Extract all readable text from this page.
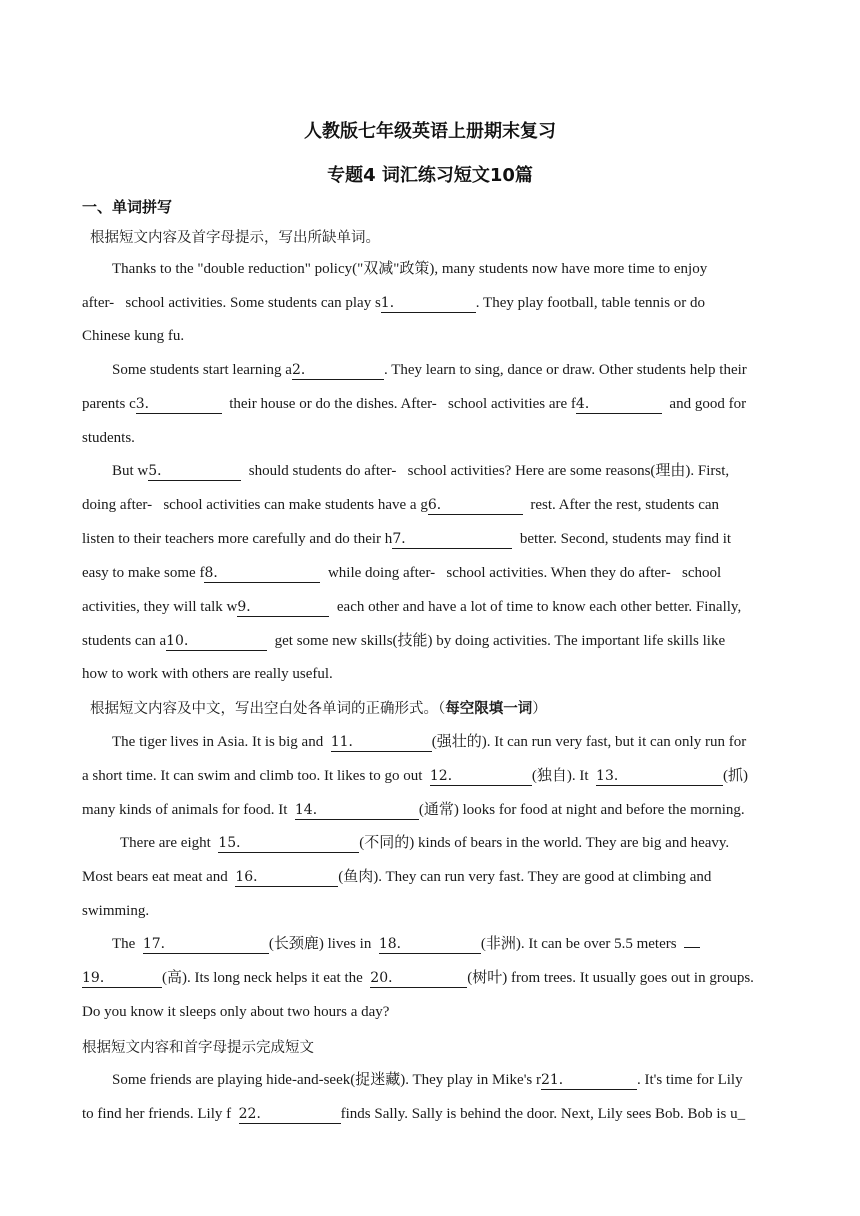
人教版七年级英语上册期末复习
专题4 词汇练习短文10篇
一、单词拼写
根据短文内容及首字母提示，写出所缺单词。
Thanks to the "double reduction" policy("双减"政策), many students now have more time to enjoy
after-   school activities. Some students can play s1．	. They play football, table tennis or do
Chinese kung fu.
Some students start learning a2．	. They learn to sing, dance or draw. Other students help their
parents c3．	their house or do the dishes. After-   school activities are f4．	and good for
students.
But w5．	should students do after-   school activities? Here are some reasons(理由). First,
doing after-   school activities can make students have a g6．	rest. After the rest, students can
listen to their teachers more carefully and do their h7．	better. Second, students may find it
easy to make some f8．	while doing after-   school activities. When they do after-   school
activities, they will talk w9．	each other and have a lot of time to know each other better. Finally,
students can a10．	get some new skills(技能) by doing activities. The important life skills like
how to work with others are really useful.
根据短文内容及中文，写出空白处各单词的正确形式。（每空限填一词）
The tiger lives in Asia. It is big and  11．	(强壮的). It can run very fast, but it can only run for
a short time. It can swim and climb too. It likes to go out  12．	(独自). It  13．	(抓)
many kinds of animals for food. It  14．	(通常) looks for food at night and before the morning.
There are eight  15．	(不同的) kinds of bears in the world. They are big and heavy.
Most bears eat meat and  16．	(鱼肉). They can run very fast. They are good at climbing and
swimming.
The  17．	(长颈鹿) lives in  18．	(非洲). It can be over 5.5 meters
19．	(高). Its long neck helps it eat the  20．	(树叶) from trees. It usually goes out in groups.
Do you know it sleeps only about two hours a day?
根据短文内容和首字母提示完成短文
Some friends are playing hide-and-seek(捉迷藏). They play in Mike's r21．	. It's time for Lily
to find her friends. Lily f  22．	finds Sally. Sally is behind the door. Next, Lily sees Bob. Bob is u_
